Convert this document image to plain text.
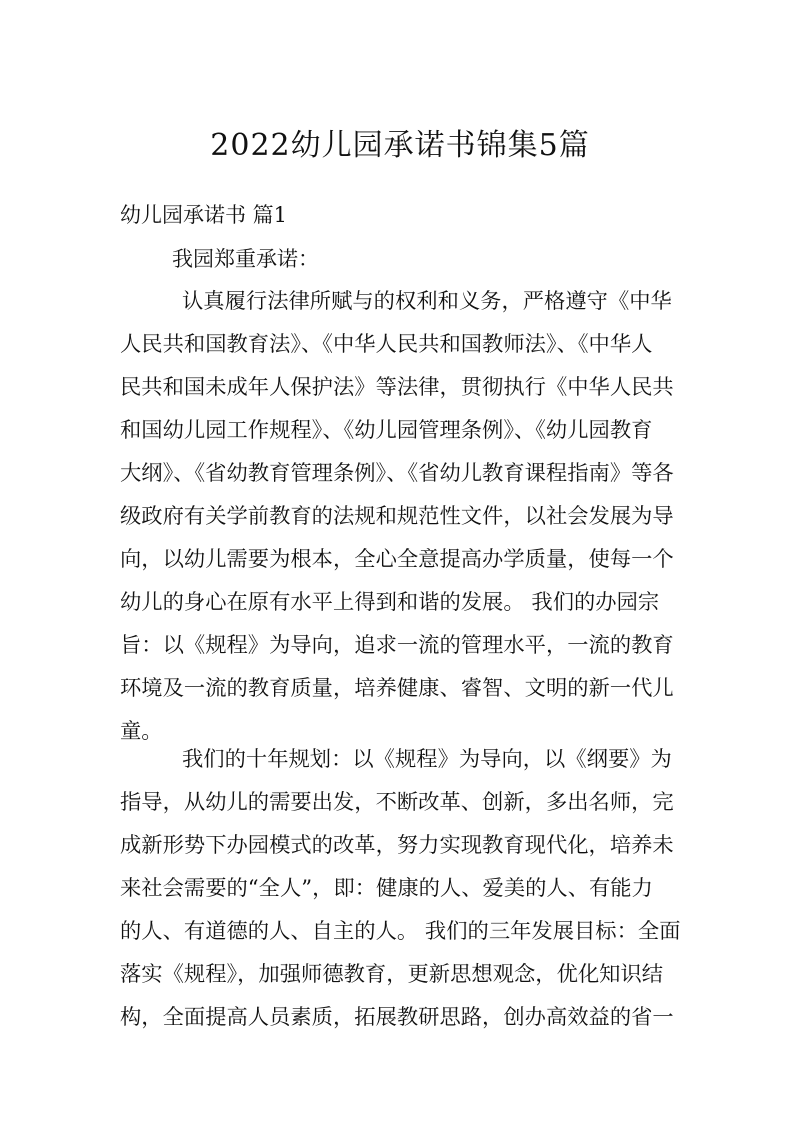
2022幼儿园承诺书锦集5篇
幼儿园承诺书 篇1

我园郑重承诺：

认真履行法律所赋与的权利和义务，严格遵守《中华
人民共和国教育法》、《中华人民共和国教师法》、《中华人
民共和国未成年人保护法》等法律，贯彻执行《中华人民共
和国幼儿园工作规程》、《幼儿园管理条例》、《幼儿园教育
大纲》、《省幼教育管理条例》、《省幼儿教育课程指南》等各
级政府有关学前教育的法规和规范性文件，以社会发展为导
向，以幼儿需要为根本，全心全意提高办学质量，使每一个
幼儿的身心在原有水平上得到和谐的发展。 我们的办园宗
旨：以《规程》为导向，追求一流的管理水平，一流的教育
环境及一流的教育质量，培养健康、睿智、文明的新一代儿
童。

我们的十年规划：以《规程》为导向，以《纲要》为
指导，从幼儿的需要出发，不断改革、创新，多出名师，完
成新形势下办园模式的改革，努力实现教育现代化，培养未
来社会需要的“全人”，即：健康的人、爱美的人、有能力
的人、有道德的人、自主的人。 我们的三年发展目标：全面
落实《规程》，加强师德教育，更新思想观念，优化知识结
构，全面提高人员素质，拓展教研思路，创办高效益的省一
